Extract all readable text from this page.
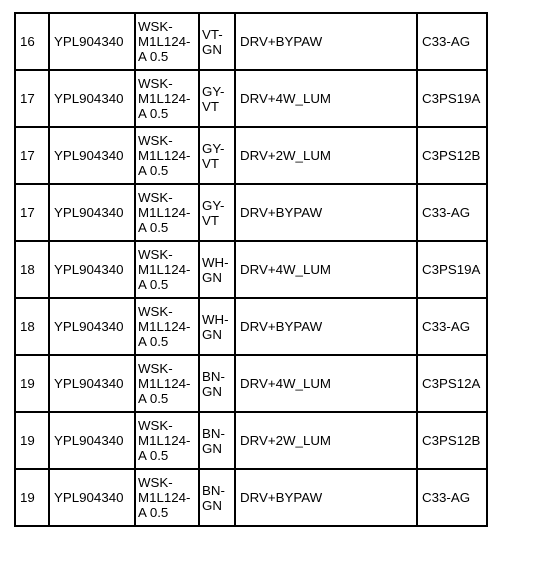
16	YPL904340	WSK-M1L124-A 0.5	VT-GN	DRV+BYPAW	C33-AG
17	YPL904340	WSK-M1L124-A 0.5	GY-VT	DRV+4W_LUM	C3PS19A
17	YPL904340	WSK-M1L124-A 0.5	GY-VT	DRV+2W_LUM	C3PS12B
17	YPL904340	WSK-M1L124-A 0.5	GY-VT	DRV+BYPAW	C33-AG
18	YPL904340	WSK-M1L124-A 0.5	WH-GN	DRV+4W_LUM	C3PS19A
18	YPL904340	WSK-M1L124-A 0.5	WH-GN	DRV+BYPAW	C33-AG
19	YPL904340	WSK-M1L124-A 0.5	BN-GN	DRV+4W_LUM	C3PS12A
19	YPL904340	WSK-M1L124-A 0.5	BN-GN	DRV+2W_LUM	C3PS12B
19	YPL904340	WSK-M1L124-A 0.5	BN-GN	DRV+BYPAW	C33-AG
